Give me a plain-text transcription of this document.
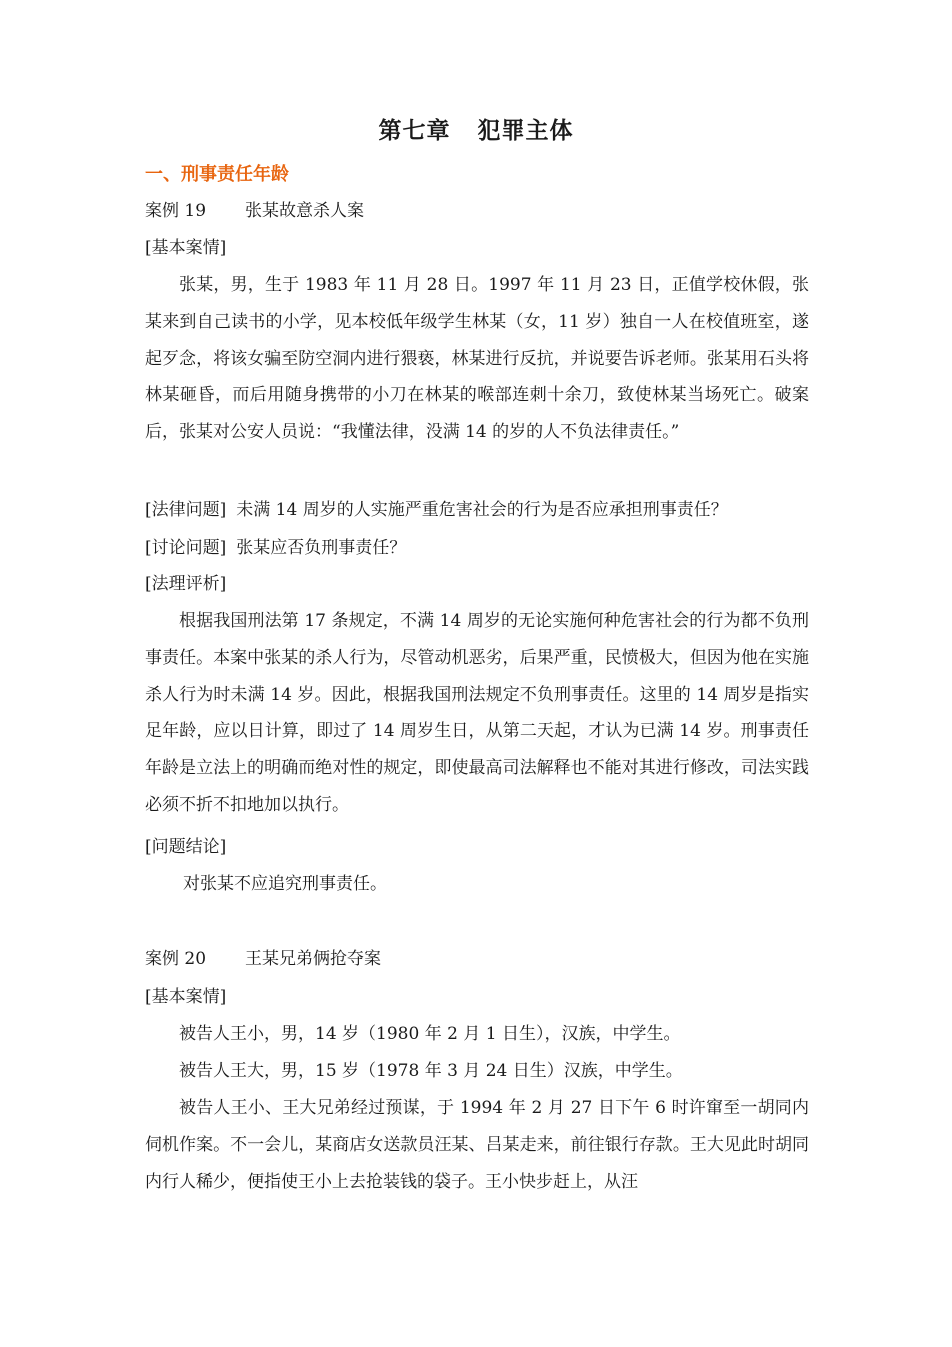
第七章   犯罪主体
一、刑事责任年龄
案例 19 张某故意杀人案
[基本案情]
张某，男，生于 1983 年 11 月 28 日。1997 年 11 月 23 日，正值学校休假，张某来到自己读书的小学，见本校低年级学生林某（女，11 岁）独自一人在校值班室，遂起歹念，将该女骗至防空洞内进行猥亵，林某进行反抗，并说要告诉老师。张某用石头将林某砸昏，而后用随身携带的小刀在林某的喉部连刺十余刀，致使林某当场死亡。破案后，张某对公安人员说：“我懂法律，没满 14 的岁的人不负法律责任。”
[法律问题] 未满 14 周岁的人实施严重危害社会的行为是否应承担刑事责任？
[讨论问题] 张某应否负刑事责任？
[法理评析]
根据我国刑法第 17 条规定，不满 14 周岁的无论实施何种危害社会的行为都不负刑事责任。本案中张某的杀人行为，尽管动机恶劣，后果严重，民愤极大，但因为他在实施杀人行为时未满 14 岁。因此，根据我国刑法规定不负刑事责任。这里的 14 周岁是指实足年龄，应以日计算，即过了 14 周岁生日，从第二天起，才认为已满 14 岁。刑事责任年龄是立法上的明确而绝对性的规定，即使最高司法解释也不能对其进行修改，司法实践必须不折不扣地加以执行。
[问题结论]
对张某不应追究刑事责任。
案例 20 王某兄弟俩抢夺案
[基本案情]
被告人王小，男，14 岁（1980 年 2 月 1 日生），汉族，中学生。
被告人王大，男，15 岁（1978 年 3 月 24 日生）汉族，中学生。
被告人王小、王大兄弟经过预谋，于 1994 年 2 月 27 日下午 6 时许窜至一胡同内伺机作案。不一会儿，某商店女送款员汪某、吕某走来，前往银行存款。王大见此时胡同内行人稀少，便指使王小上去抢装钱的袋子。王小快步赶上，从汪
